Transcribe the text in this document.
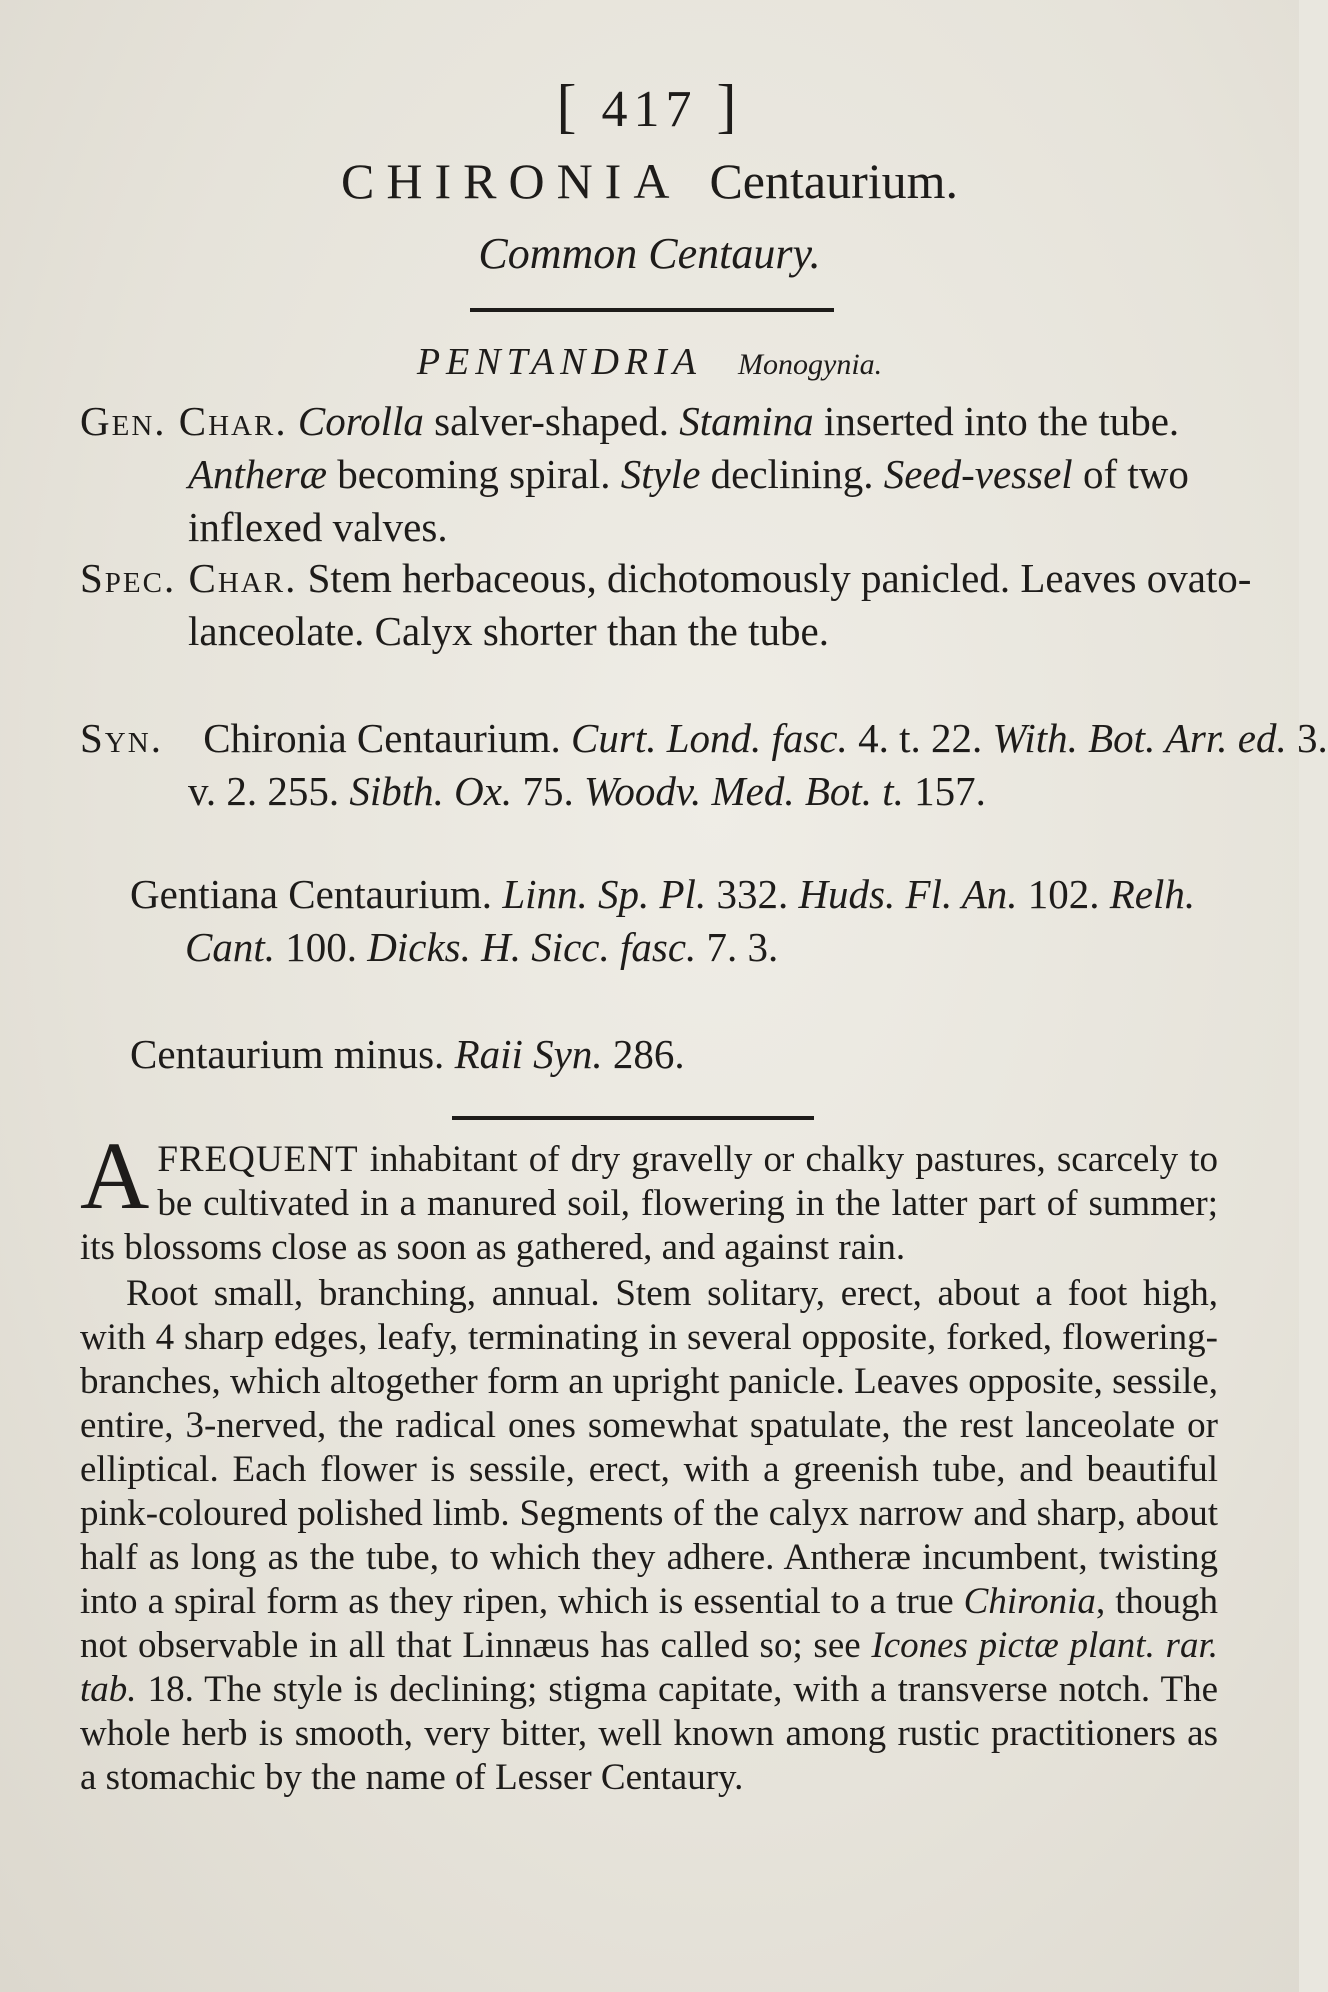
[ 417 ]
CHIRONIA Centaurium.
Common Centaury.
PENTANDRIA Monogynia.
Gen. Char. Corolla salver-shaped. Stamina inserted into the tube. Antheræ becoming spiral. Style declining. Seed-vessel of two inflexed valves.
Spec. Char. Stem herbaceous, dichotomously panicled. Leaves ovato-lanceolate. Calyx shorter than the tube.
Syn. Chironia Centaurium. Curt. Lond. fasc. 4. t. 22. With. Bot. Arr. ed. 3. v. 2. 255. Sibth. Ox. 75. Woodv. Med. Bot. t. 157.
Gentiana Centaurium. Linn. Sp. Pl. 332. Huds. Fl. An. 102. Relh. Cant. 100. Dicks. H. Sicc. fasc. 7. 3.
Centaurium minus. Raii Syn. 286.

AFREQUENT inhabitant of dry gravelly or chalky pastures, scarcely to be cultivated in a manured soil, flowering in the latter part of summer; its blossoms close as soon as gathered, and against rain.

Root small, branching, annual. Stem solitary, erect, about a foot high, with 4 sharp edges, leafy, terminating in several opposite, forked, flowering-branches, which altogether form an upright panicle. Leaves opposite, sessile, entire, 3-nerved, the radical ones somewhat spatulate, the rest lanceolate or elliptical. Each flower is sessile, erect, with a greenish tube, and beautiful pink-coloured polished limb. Segments of the calyx narrow and sharp, about half as long as the tube, to which they adhere. Antheræ incumbent, twisting into a spiral form as they ripen, which is essential to a true Chironia, though not observable in all that Linnæus has called so; see Icones pictæ plant. rar. tab. 18. The style is declining; stigma capitate, with a transverse notch. The whole herb is smooth, very bitter, well known among rustic practitioners as a stomachic by the name of Lesser Centaury.
